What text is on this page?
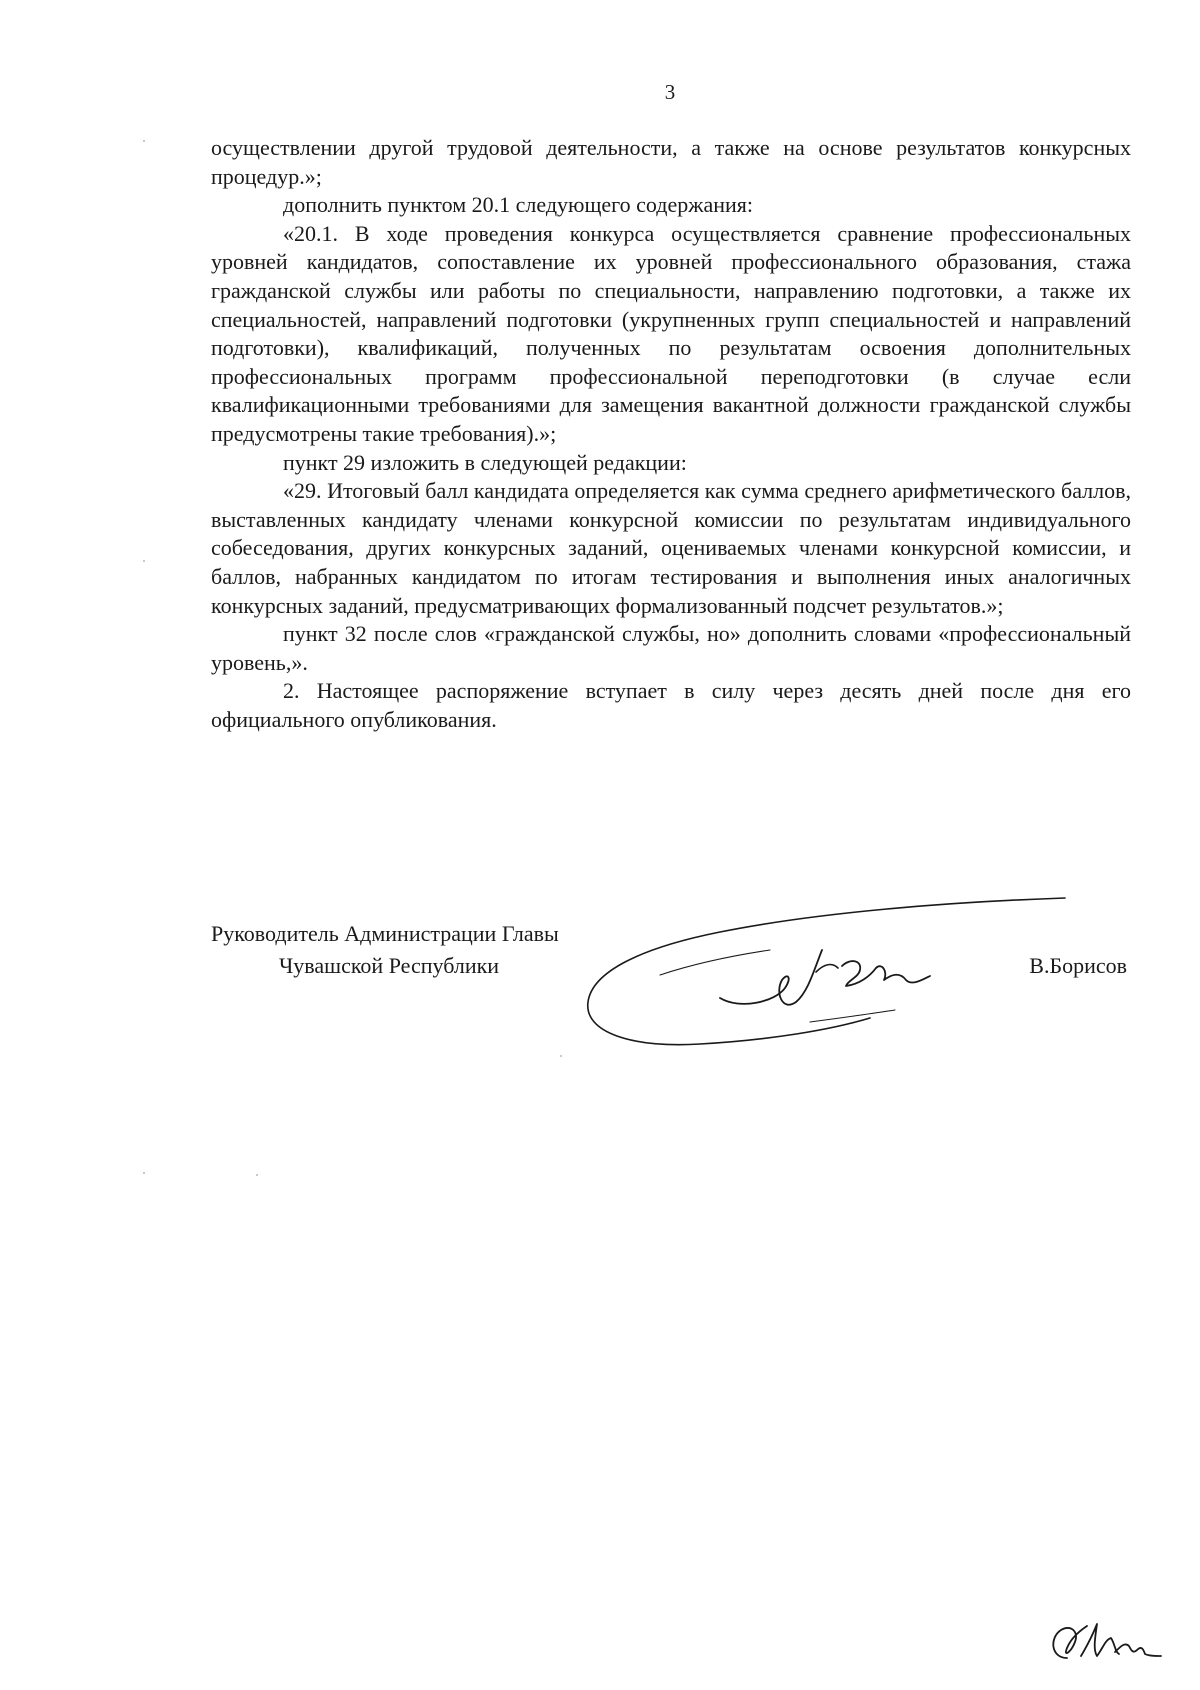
3

осуществлении другой трудовой деятельности, а также на основе результатов конкурсных процедур.»;

дополнить пунктом 20.1 следующего содержания:

«20.1. В ходе проведения конкурса осуществляется сравнение профессиональных уровней кандидатов, сопоставление их уровней профессионального образования, стажа гражданской службы или работы по специальности, направлению подготовки, а также их специальностей, направлений подготовки (укрупненных групп специальностей и направлений подготовки), квалификаций, полученных по результатам освоения дополнительных профессиональных программ профессиональной переподготовки (в случае если квалификационными требованиями для замещения вакантной должности гражданской службы предусмотрены такие требования).»;

пункт 29 изложить в следующей редакции:

«29. Итоговый балл кандидата определяется как сумма среднего арифметического баллов, выставленных кандидату членами конкурсной комиссии по результатам индивидуального собеседования, других конкурсных заданий, оцениваемых членами конкурсной комиссии, и баллов, набранных кандидатом по итогам тестирования и выполнения иных аналогичных конкурсных заданий, предусматривающих формализованный подсчет результатов.»;

пункт 32 после слов «гражданской службы, но» дополнить словами «профессиональный уровень,».

2. Настоящее распоряжение вступает в силу через десять дней после дня его официального опубликования.

Руководитель Администрации Главы
Чувашской Республики	В.Борисов
